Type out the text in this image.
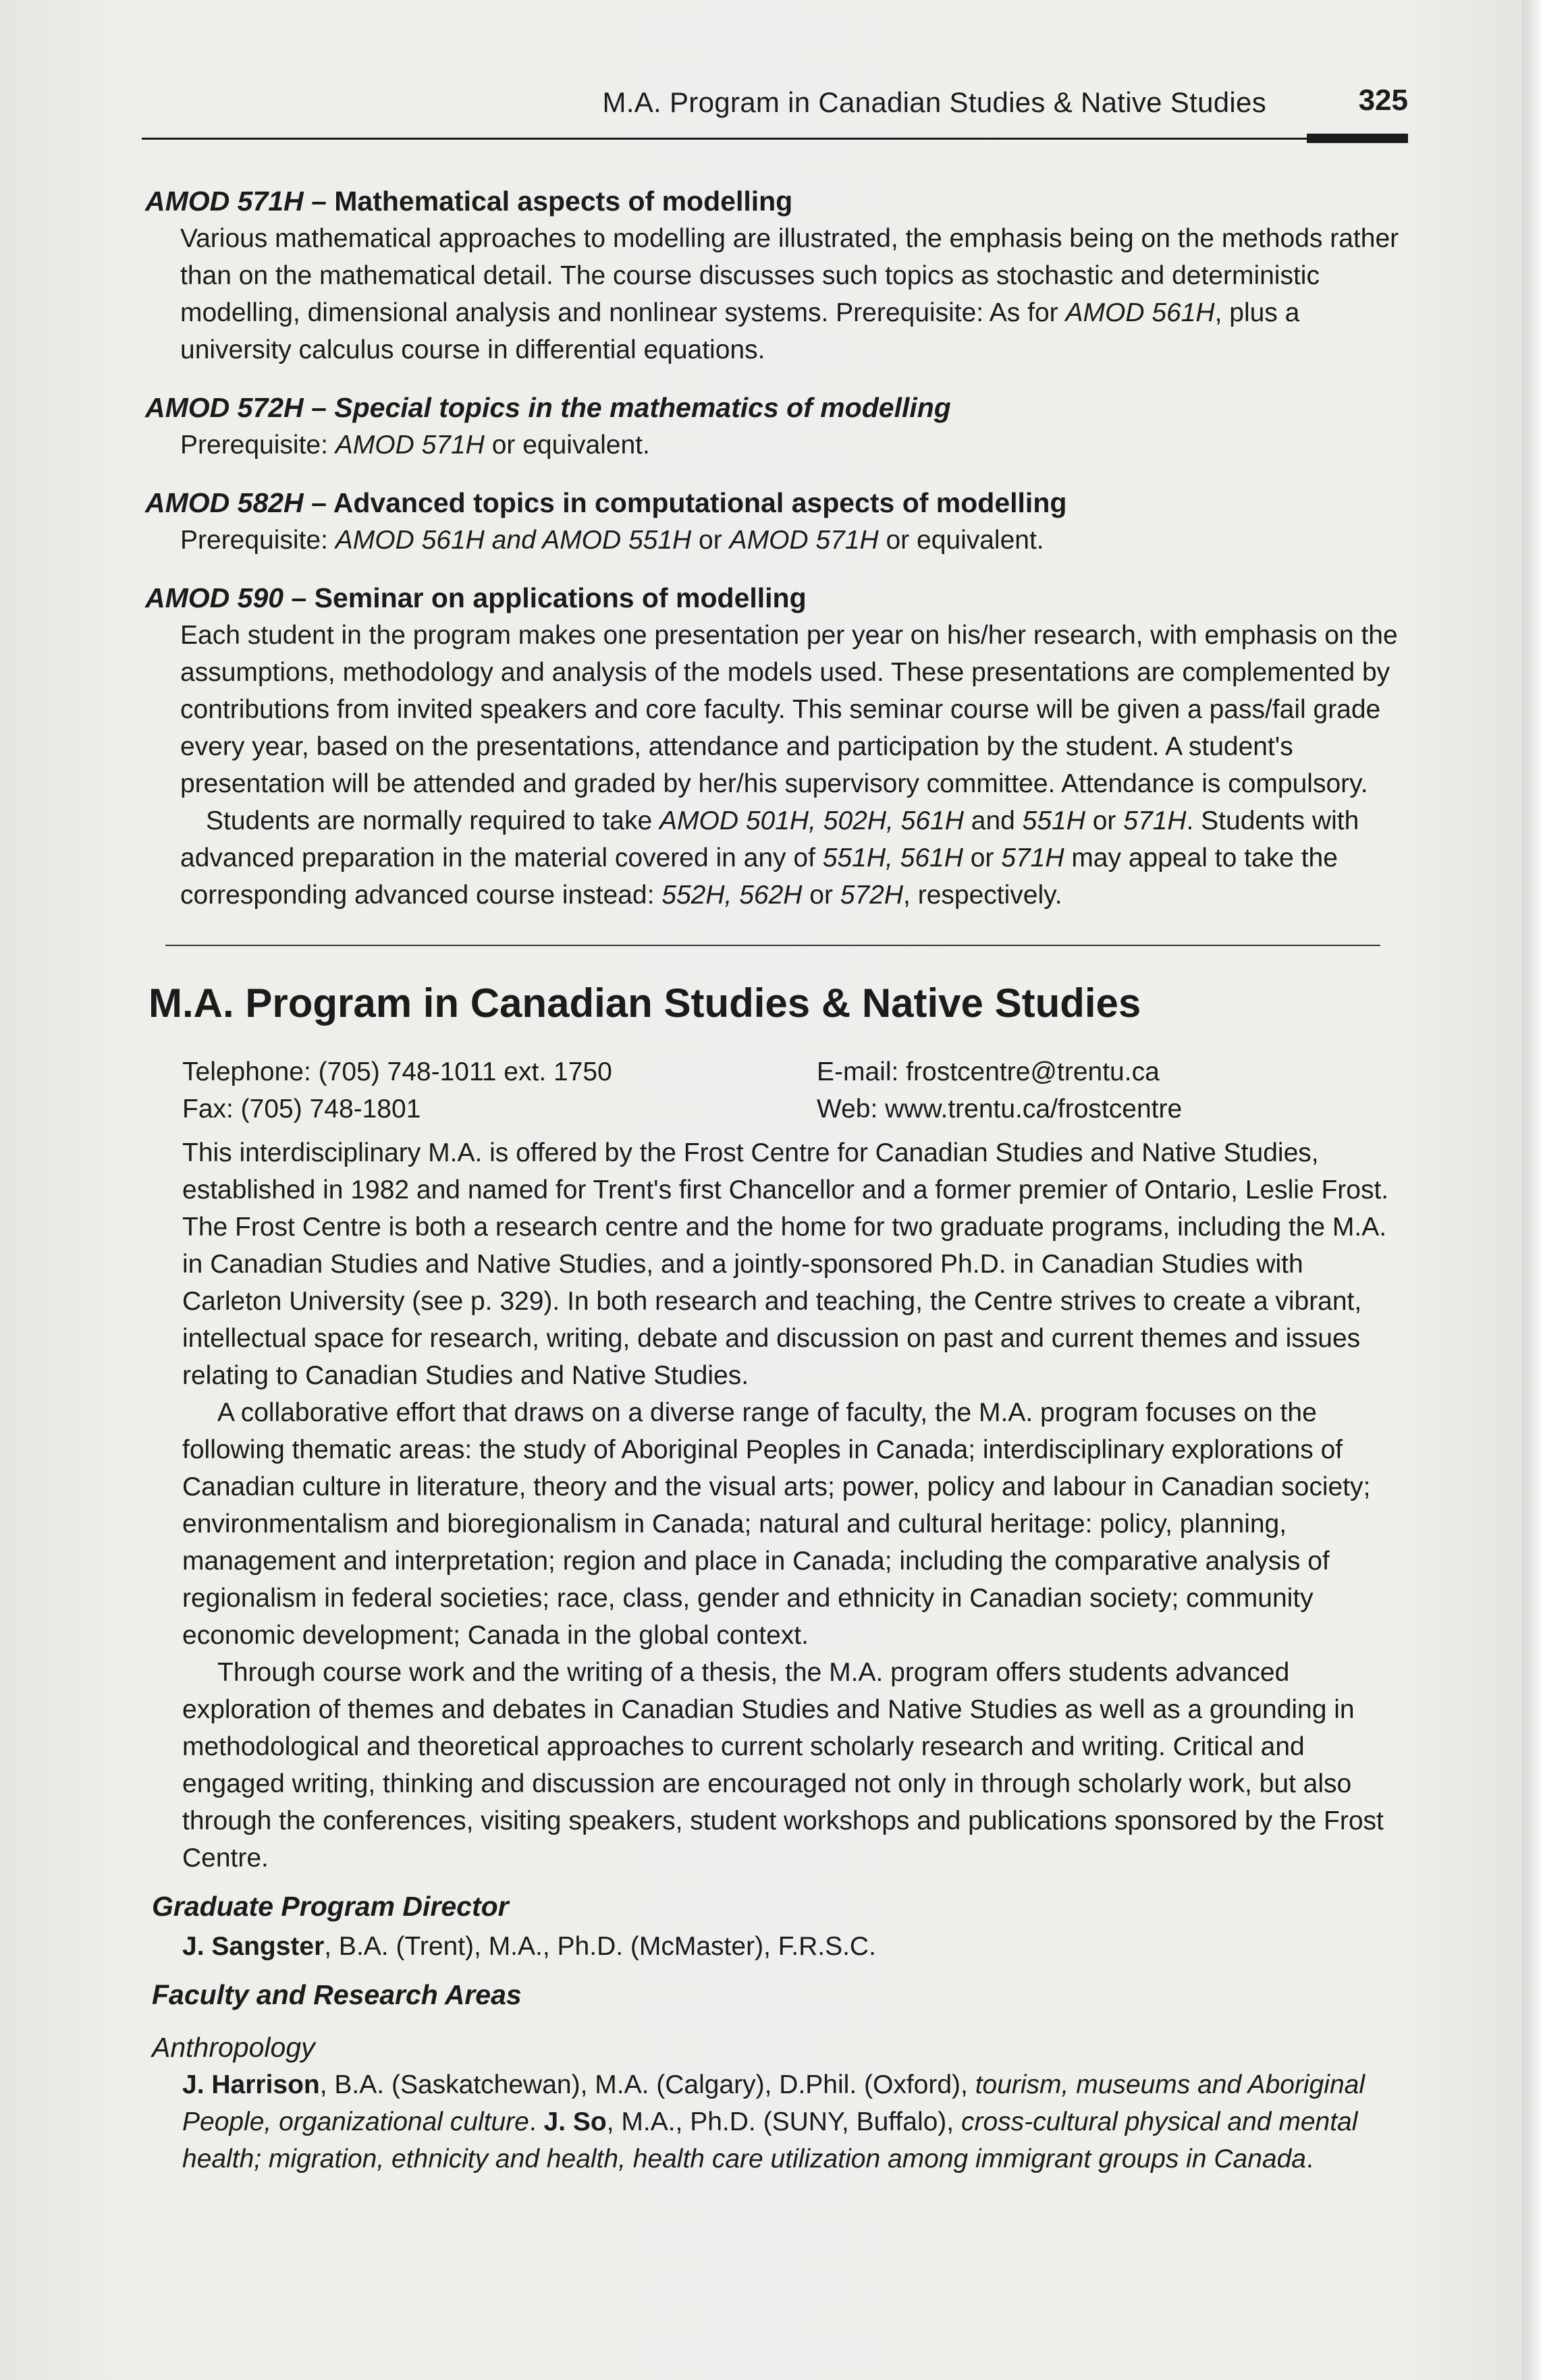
M.A. Program in Canadian Studies & Native Studies	325
AMOD 571H – Mathematical aspects of modelling

Various mathematical approaches to modelling are illustrated, the emphasis being on the methods rather than on the mathematical detail. The course discusses such topics as stochastic and deterministic modelling, dimensional analysis and nonlinear systems. Prerequisite: As for AMOD 561H, plus a university calculus course in differential equations.

AMOD 572H – Special topics in the mathematics of modelling

Prerequisite: AMOD 571H or equivalent.

AMOD 582H – Advanced topics in computational aspects of modelling

Prerequisite: AMOD 561H and AMOD 551H or AMOD 571H or equivalent.

AMOD 590 – Seminar on applications of modelling

Each student in the program makes one presentation per year on his/her research, with emphasis on the assumptions, methodology and analysis of the models used. These presentations are complemented by contributions from invited speakers and core faculty. This seminar course will be given a pass/fail grade every year, based on the presentations, attendance and participation by the student. A student's presentation will be attended and graded by her/his supervisory committee. Attendance is compulsory.

Students are normally required to take AMOD 501H, 502H, 561H and 551H or 571H. Students with advanced preparation in the material covered in any of 551H, 561H or 571H may appeal to take the corresponding advanced course instead: 552H, 562H or 572H, respectively.

M.A. Program in Canadian Studies & Native Studies
Telephone: (705) 748-1011 ext. 1750
Fax: (705) 748-1801
E-mail: frostcentre@trentu.ca
Web: www.trentu.ca/frostcentre

This interdisciplinary M.A. is offered by the Frost Centre for Canadian Studies and Native Studies, established in 1982 and named for Trent's first Chancellor and a former premier of Ontario, Leslie Frost. The Frost Centre is both a research centre and the home for two graduate programs, including the M.A. in Canadian Studies and Native Studies, and a jointly-sponsored Ph.D. in Canadian Studies with Carleton University (see p. 329). In both research and teaching, the Centre strives to create a vibrant, intellectual space for research, writing, debate and discussion on past and current themes and issues relating to Canadian Studies and Native Studies.

A collaborative effort that draws on a diverse range of faculty, the M.A. program focuses on the following thematic areas: the study of Aboriginal Peoples in Canada; interdisciplinary explorations of Canadian culture in literature, theory and the visual arts; power, policy and labour in Canadian society; environmentalism and bioregionalism in Canada; natural and cultural heritage: policy, planning, management and interpretation; region and place in Canada; including the comparative analysis of regionalism in federal societies; race, class, gender and ethnicity in Canadian society; community economic development; Canada in the global context.

Through course work and the writing of a thesis, the M.A. program offers students advanced exploration of themes and debates in Canadian Studies and Native Studies as well as a grounding in methodological and theoretical approaches to current scholarly research and writing. Critical and engaged writing, thinking and discussion are encouraged not only in through scholarly work, but also through the conferences, visiting speakers, student workshops and publications sponsored by the Frost Centre.

Graduate Program Director

J. Sangster, B.A. (Trent), M.A., Ph.D. (McMaster), F.R.S.C.

Faculty and Research Areas
Anthropology

J. Harrison, B.A. (Saskatchewan), M.A. (Calgary), D.Phil. (Oxford), tourism, museums and Aboriginal People, organizational culture. J. So, M.A., Ph.D. (SUNY, Buffalo), cross-cultural physical and mental health; migration, ethnicity and health, health care utilization among immigrant groups in Canada.
